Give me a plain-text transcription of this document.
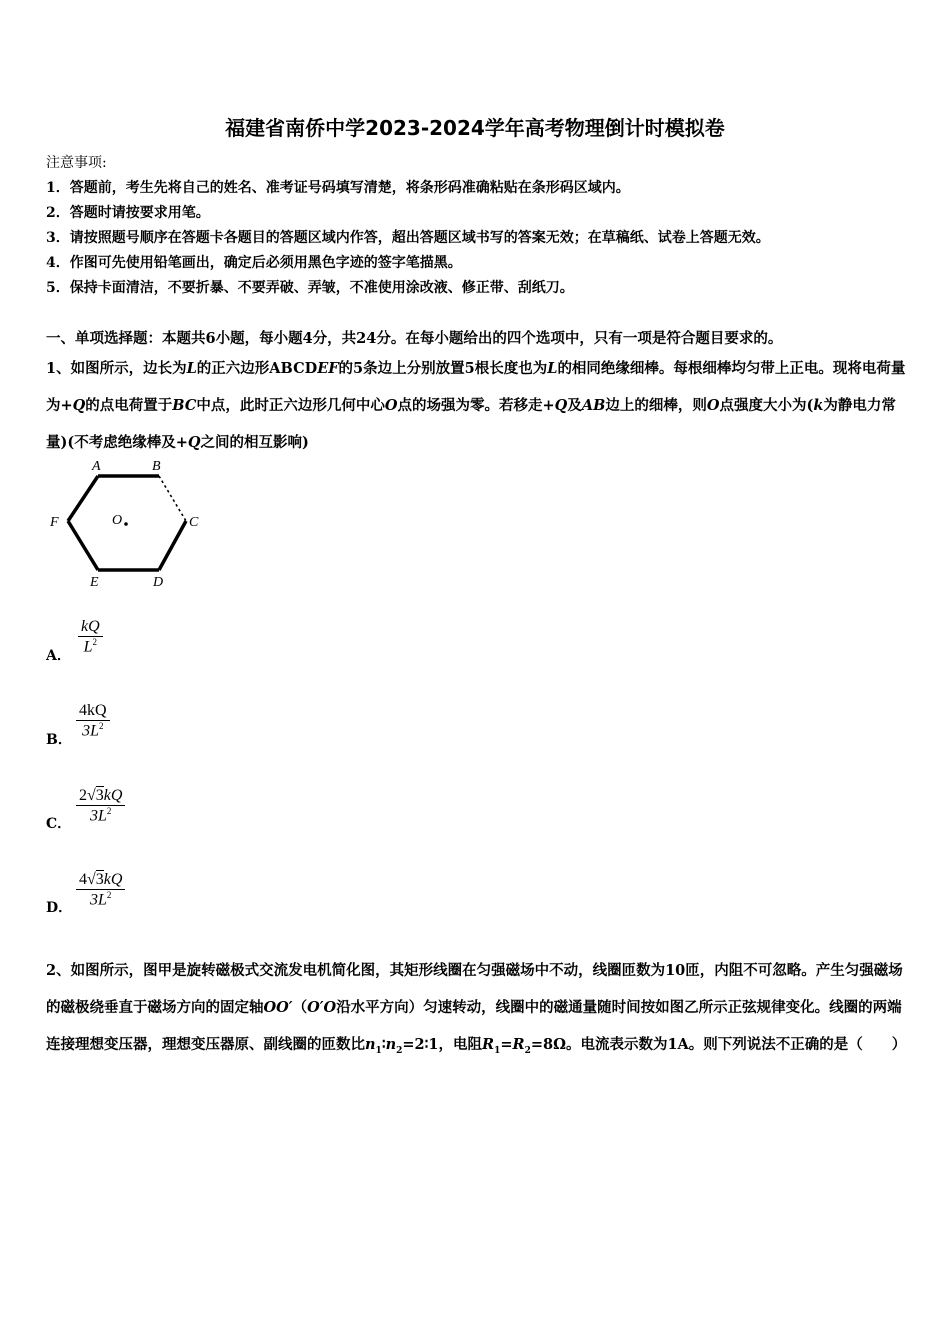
福建省南侨中学2023-2024学年高考物理倒计时模拟卷
注意事项:
1．答题前，考生先将自己的姓名、准考证号码填写清楚，将条形码准确粘贴在条形码区域内。
2．答题时请按要求用笔。
3．请按照题号顺序在答题卡各题目的答题区域内作答，超出答题区域书写的答案无效；在草稿纸、试卷上答题无效。
4．作图可先使用铅笔画出，确定后必须用黑色字迹的签字笔描黑。
5．保持卡面清洁，不要折暴、不要弄破、弄皱，不准使用涂改液、修正带、刮纸刀。
一、单项选择题：本题共6小题，每小题4分，共24分。在每小题给出的四个选项中，只有一项是符合题目要求的。
1、如图所示，边长为L的正六边形ABCDEF的5条边上分别放置5根长度也为L的相同绝缘细棒。每根细棒均匀带上正电。现将电荷量为+Q的点电荷置于BC中点，此时正六边形几何中心O点的场强为零。若移走+Q及AB边上的细棒，则O点强度大小为(k为静电力常量)(不考虑绝缘棒及+Q之间的相互影响)
A	B
C
D
E
F	O
A．
kQ
$L^2$
B．
4kQ
$3L^2$
C．
2√3kQ
$3L^2$
D．
4√3kQ
$3L^2$
2、如图所示，图甲是旋转磁极式交流发电机简化图，其矩形线圈在匀强磁场中不动，线圈匝数为10匝，内阻不可忽略。产生匀强磁场的磁极绕垂直于磁场方向的固定轴OO′（O′O沿水平方向）匀速转动，线圈中的磁通量随时间按如图乙所示正弦规律变化。线圈的两端连接理想变压器，理想变压器原、副线圈的匝数比$n_1∶n_2=2∶1$，电阻$R_1=R_2=8\Omega$。电流表示数为1A。则下列说法不正确的是（　　）
